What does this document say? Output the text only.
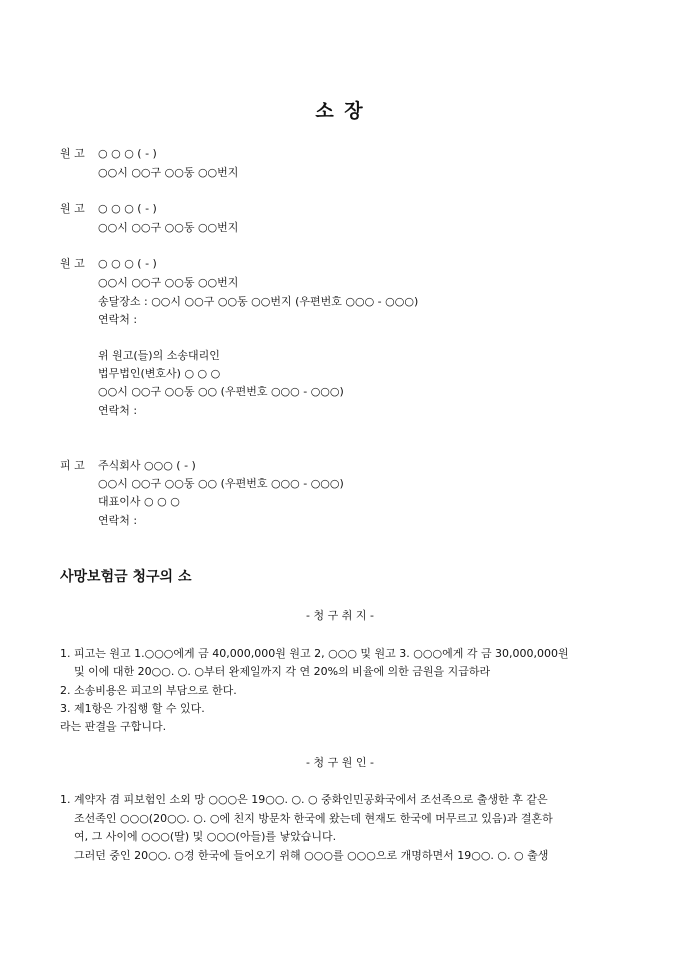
소 장
원 고 ○ ○ ○ ( - )
○○시 ○○구 ○○동 ○○번지
원 고 ○ ○ ○ ( - )
○○시 ○○구 ○○동 ○○번지
원 고 ○ ○ ○ ( - )
○○시 ○○구 ○○동 ○○번지
송달장소 : ○○시 ○○구 ○○동 ○○번지 (우편번호 ○○○ - ○○○)
연락처 :
위 원고(들)의 소송대리인
법무법인(변호사) ○ ○ ○
○○시 ○○구 ○○동 ○○ (우편번호 ○○○ - ○○○)
연락처 :
피 고 주식회사 ○○○ ( - )
○○시 ○○구 ○○동 ○○ (우편번호 ○○○ - ○○○)
대표이사 ○ ○ ○
연락처 :
사망보험금 청구의 소
- 청 구 취 지 -
1. 피고는 원고 1.○○○에게 금 40,000,000원 원고 2, ○○○ 및 원고 3. ○○○에게 각 금 30,000,000원
및 이에 대한 20○○. ○. ○부터 완제일까지 각 연 20%의 비율에 의한 금원을 지급하라
2. 소송비용은 피고의 부담으로 한다.
3. 제1항은 가집행 할 수 있다.
라는 판결을 구합니다.
- 청 구 원 인 -
1. 계약자 겸 피보험인 소외 망 ○○○은 19○○. ○. ○ 중화인민공화국에서 조선족으로 출생한 후 같은
조선족인 ○○○(20○○. ○. ○에 친지 방문차 한국에 왔는데 현재도 한국에 머무르고 있음)과 결혼하
여, 그 사이에 ○○○(딸) 및 ○○○(아들)를 낳았습니다.
그러던 중인 20○○. ○경 한국에 들어오기 위해 ○○○를 ○○○으로 개명하면서 19○○. ○. ○ 출생
